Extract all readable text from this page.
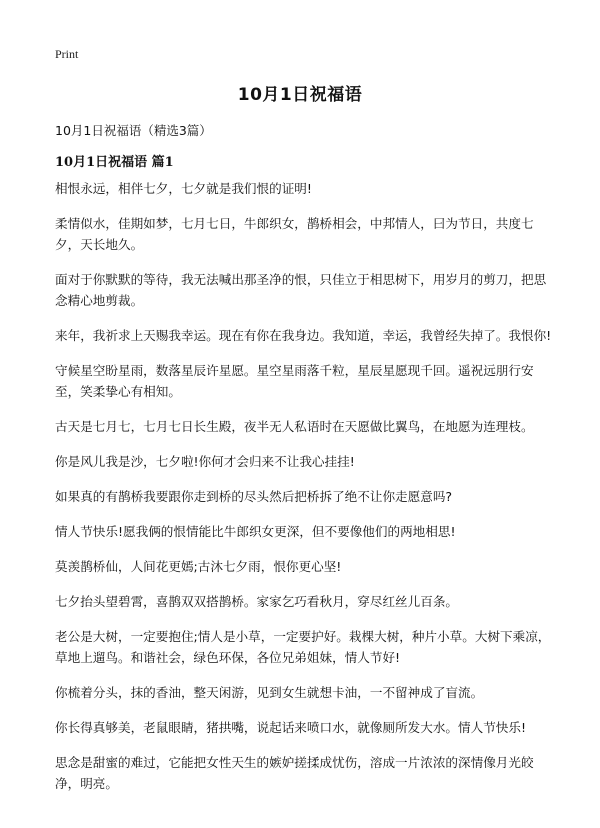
Print
10月1日祝福语

10月1日祝福语（精选3篇）

10月1日祝福语 篇1

相恨永远，相伴七夕，七夕就是我们恨的证明!

柔情似水，佳期如梦，七月七日，牛郎织女，鹊桥相会，中邦情人，曰为节日，共度七夕，天长地久。

面对于你默默的等待，我无法喊出那圣净的恨，只佳立于相思树下，用岁月的剪刀，把思念精心地剪裁。

来年，我祈求上天赐我幸运。现在有你在我身边。我知道，幸运，我曾经失掉了。我恨你!

守候星空盼星雨，数落星辰许星愿。星空星雨落千粒，星辰星愿现千回。遥祝远朋行安至，笑柔挚心有相知。

古天是七月七，七月七日长生殿，夜半无人私语时在天愿做比翼鸟，在地愿为连理枝。

你是风儿我是沙，七夕啦!你何才会归来不让我心挂挂!

如果真的有鹊桥我要跟你走到桥的尽头然后把桥拆了绝不让你走愿意吗?

情人节快乐!愿我俩的恨情能比牛郎织女更深，但不要像他们的两地相思!

莫羡鹊桥仙，人间花更嫣;古沐七夕雨，恨你更心坚!

七夕抬头望碧霄，喜鹊双双搭鹊桥。家家乞巧看秋月，穿尽红丝儿百条。

老公是大树，一定要抱住;情人是小草，一定要护好。栽棵大树，种片小草。大树下乘凉，草地上遛鸟。和谐社会，绿色环保，各位兄弟姐妹，情人节好!

你梳着分头，抹的香油，整天闲游，见到女生就想卡油，一不留神成了盲流。

你长得真够美，老鼠眼睛，猪拱嘴，说起话来喷口水，就像厕所发大水。情人节快乐!

思念是甜蜜的难过，它能把女性天生的嫉妒搓揉成忧伤，溶成一片浓浓的深情像月光皎净，明亮。
